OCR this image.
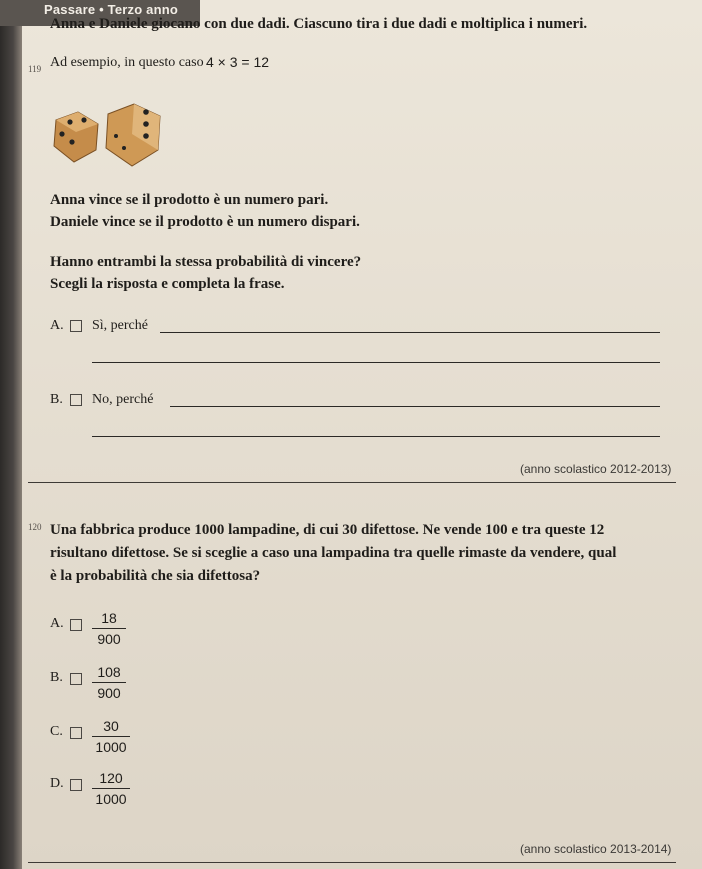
Passare • Terzo anno
119
Anna e Daniele giocano con due dadi. Ciascuno tira i due dadi e moltiplica i numeri.
Ad esempio, in questo caso 4 × 3 = 12
Anna vince se il prodotto è un numero pari.
Daniele vince se il prodotto è un numero dispari.
Hanno entrambi la stessa probabilità di vincere?
Scegli la risposta e completa la frase.
A. Sì, perché
B. No, perché
(anno scolastico 2012-2013)
120 Una fabbrica produce 1000 lampadine, di cui 30 difettose. Ne vende 100 e tra queste 12
risultano difettose. Se si sceglie a caso una lampadina tra quelle rimaste da vendere, qual
è la probabilità che sia difettosa?
A.	18
900
B.	108
900
C.	30
1000
D.	120
1000
(anno scolastico 2013-2014)
